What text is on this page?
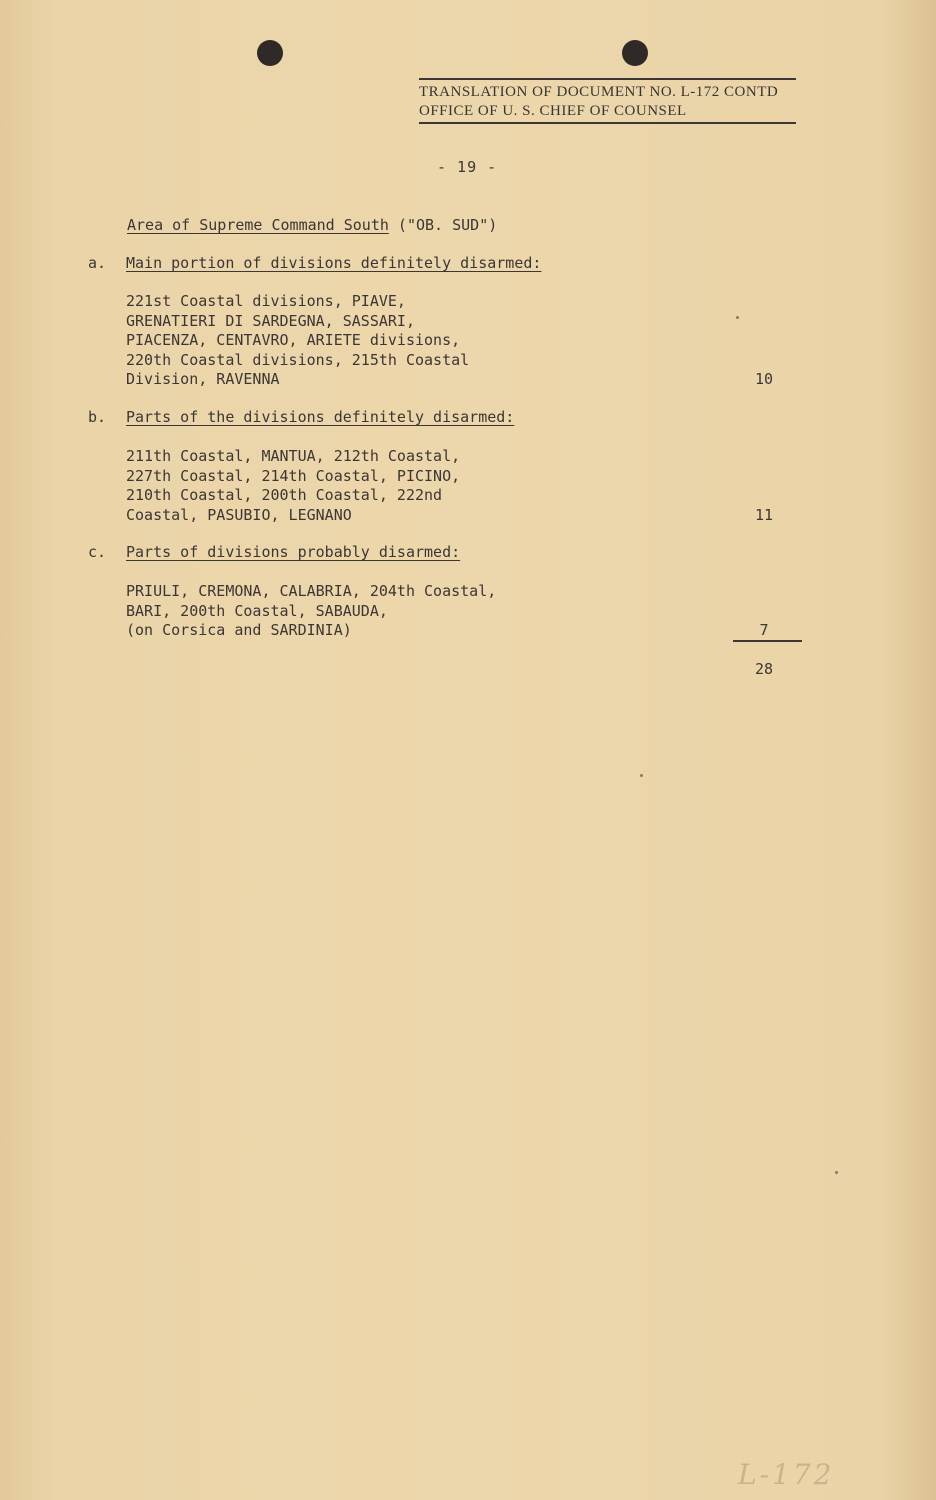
TRANSLATION OF DOCUMENT NO. L-172 CONTD
OFFICE OF U. S. CHIEF OF COUNSEL
- 19 -
Area of Supreme Command South ("OB. SUD")
a. Main portion of divisions definitely disarmed:
221st Coastal divisions, PIAVE,
GRENATIERI DI SARDEGNA, SASSARI,
PIACENZA, CENTAVRO, ARIETE divisions,
220th Coastal divisions, 215th Coastal
Division, RAVENNA	10
b. Parts of the divisions definitely disarmed:
211th Coastal, MANTUA, 212th Coastal,
227th Coastal, 214th Coastal, PICINO,
210th Coastal, 200th Coastal, 222nd
Coastal, PASUBIO, LEGNANO	11
c. Parts of divisions probably disarmed:
PRIULI, CREMONA, CALABRIA, 204th Coastal,
BARI, 200th Coastal, SABAUDA,
(on Corsica and SARDINIA)	7
28
L-172
